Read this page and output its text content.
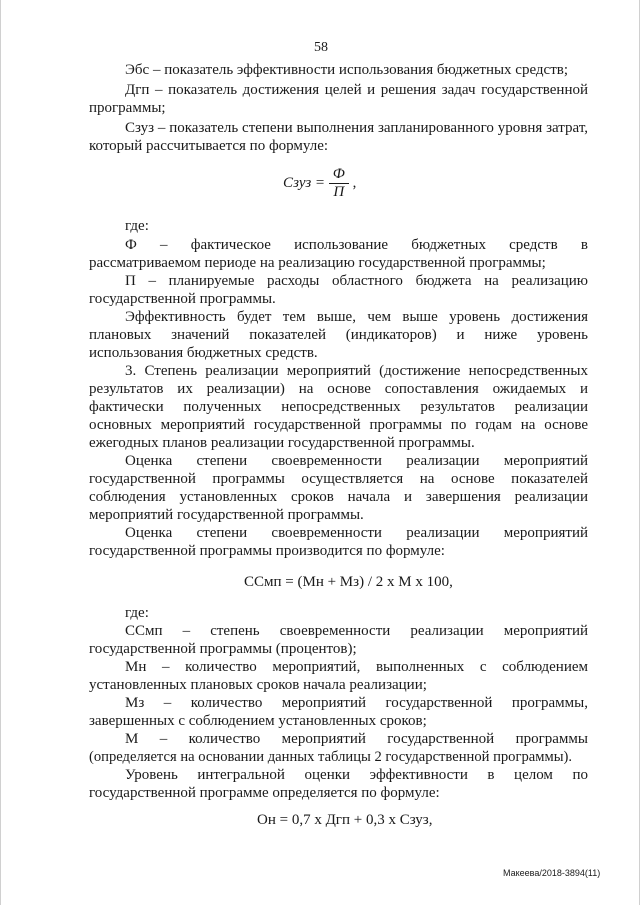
58
Эбс – показатель эффективности использования бюджетных средств;
Дгп – показатель достижения целей и решения задач государственной
программы;
Сзуз – показатель степени выполнения запланированного уровня затрат,
который рассчитывается по формуле:
Сзуз = $\frac{Ф}{П}$ ,
где:
Ф – фактическое использование бюджетных средств в
рассматриваемом периоде на реализацию государственной программы;
П – планируемые расходы областного бюджета на реализацию
государственной программы.
Эффективность будет тем выше, чем выше уровень достижения
плановых значений показателей (индикаторов) и ниже уровень
использования бюджетных средств.
3. Степень реализации мероприятий (достижение непосредственных
результатов их реализации) на основе сопоставления ожидаемых и
фактически полученных непосредственных результатов реализации
основных мероприятий государственной программы по годам на основе
ежегодных планов реализации государственной программы.
Оценка степени своевременности реализации мероприятий
государственной программы осуществляется на основе показателей
соблюдения установленных сроков начала и завершения реализации
мероприятий государственной программы.
Оценка степени своевременности реализации мероприятий
государственной программы производится по формуле:
ССмп = (Мн + Мз) / 2 х М х 100,
где:
ССмп – степень своевременности реализации мероприятий
государственной программы (процентов);
Мн – количество мероприятий, выполненных с соблюдением
установленных плановых сроков начала реализации;
Мз – количество мероприятий государственной программы,
завершенных с соблюдением установленных сроков;
М – количество мероприятий государственной программы
(определяется на основании данных таблицы 2 государственной программы).
Уровень интегральной оценки эффективности в целом по
государственной программе определяется по формуле:
Он = 0,7 х Дгп + 0,3 х Сзуз,
Макеева/2018-3894(11)
